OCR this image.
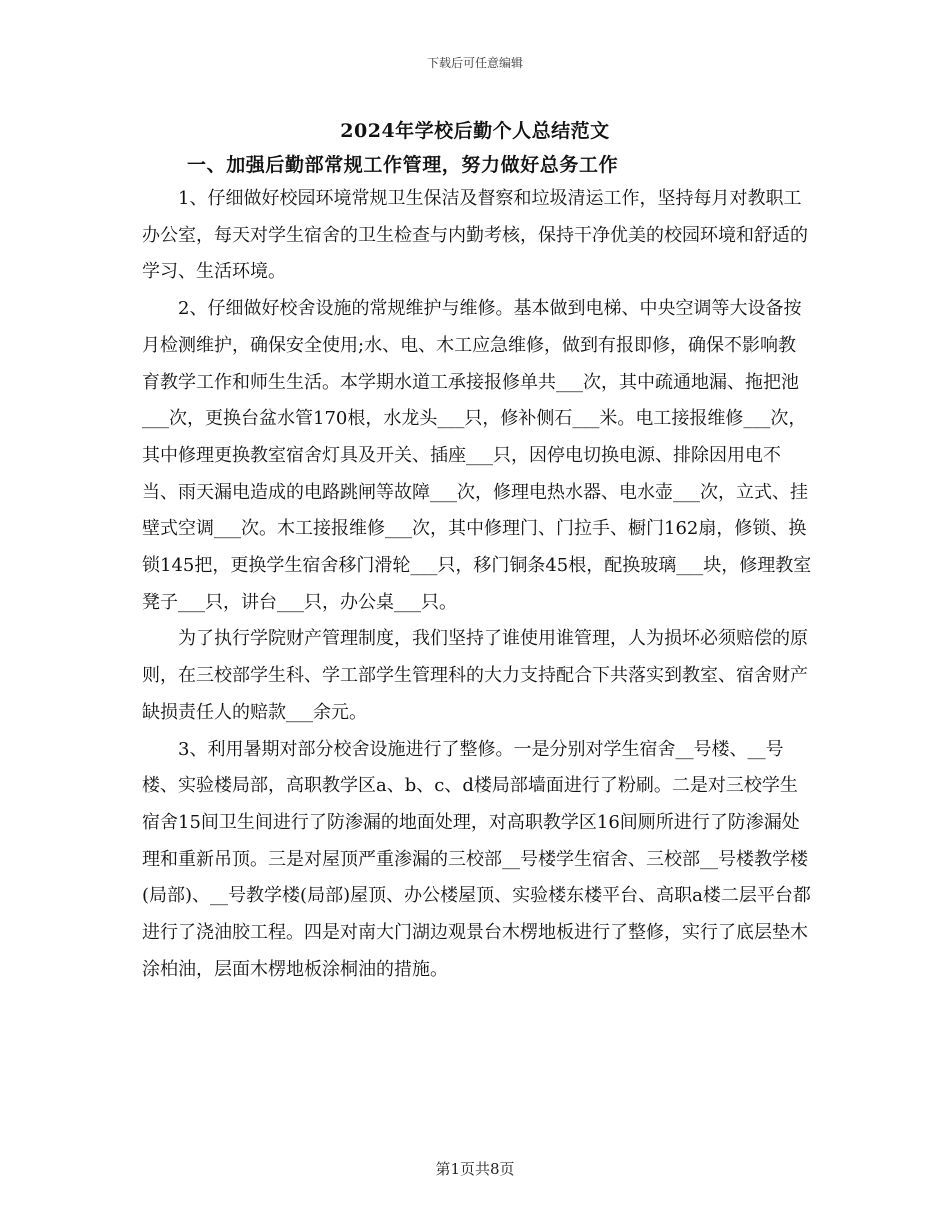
下载后可任意编辑
2024年学校后勤个人总结范文
一、加强后勤部常规工作管理，努力做好总务工作

1、仔细做好校园环境常规卫生保洁及督察和垃圾清运工作，坚持每月对教职工办公室，每天对学生宿舍的卫生检查与内勤考核，保持干净优美的校园环境和舒适的学习、生活环境。

2、仔细做好校舍设施的常规维护与维修。基本做到电梯、中央空调等大设备按月检测维护，确保安全使用;水、电、木工应急维修，做到有报即修，确保不影响教育教学工作和师生生活。本学期水道工承接报修单共___次，其中疏通地漏、拖把池___次，更换台盆水管170根，水龙头___只，修补侧石___米。电工接报维修___次，其中修理更换教室宿舍灯具及开关、插座___只，因停电切换电源、排除因用电不当、雨天漏电造成的电路跳闸等故障___次，修理电热水器、电水壶___次，立式、挂壁式空调___次。木工接报维修___次，其中修理门、门拉手、橱门162扇，修锁、换锁145把，更换学生宿舍移门滑轮___只，移门铜条45根，配换玻璃___块，修理教室凳子___只，讲台___只，办公桌___只。

为了执行学院财产管理制度，我们坚持了谁使用谁管理，人为损坏必须赔偿的原则，在三校部学生科、学工部学生管理科的大力支持配合下共落实到教室、宿舍财产缺损责任人的赔款___余元。

3、利用暑期对部分校舍设施进行了整修。一是分别对学生宿舍__号楼、__号楼、实验楼局部，高职教学区a、b、c、d楼局部墙面进行了粉刷。二是对三校学生宿舍15间卫生间进行了防渗漏的地面处理，对高职教学区16间厕所进行了防渗漏处理和重新吊顶。三是对屋顶严重渗漏的三校部__号楼学生宿舍、三校部__号楼教学楼(局部)、__号教学楼(局部)屋顶、办公楼屋顶、实验楼东楼平台、高职a楼二层平台都进行了浇油胶工程。四是对南大门湖边观景台木楞地板进行了整修，实行了底层垫木涂柏油，层面木楞地板涂桐油的措施。

第1页共8页
